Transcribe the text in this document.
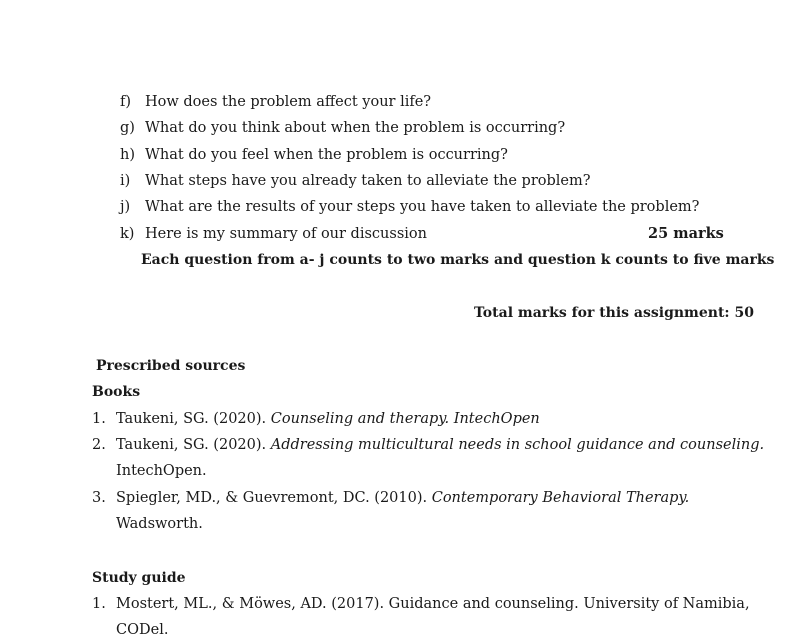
f) How does the problem affect your life?
g) What do you think about when the problem is occurring?
h) What do you feel when the problem is occurring?
i) What steps have you already taken to alleviate the problem?
j) What are the results of your steps you have taken to alleviate the problem?
k) Here is my summary of our discussion	25 marks
Each question from a- j counts to two marks and question k counts to five marks
Total marks for this assignment: 50
Prescribed sources
Books
1. Taukeni, SG. (2020). Counseling and therapy. IntechOpen
2. Taukeni, SG. (2020). Addressing multicultural needs in school guidance and counseling.
IntechOpen.
3. Spiegler, MD., & Guevremont, DC. (2010). Contemporary Behavioral Therapy.
Wadsworth.
Study guide
1. Mostert, ML., & Möwes, AD. (2017). Guidance and counseling. University of Namibia,
CODel.
